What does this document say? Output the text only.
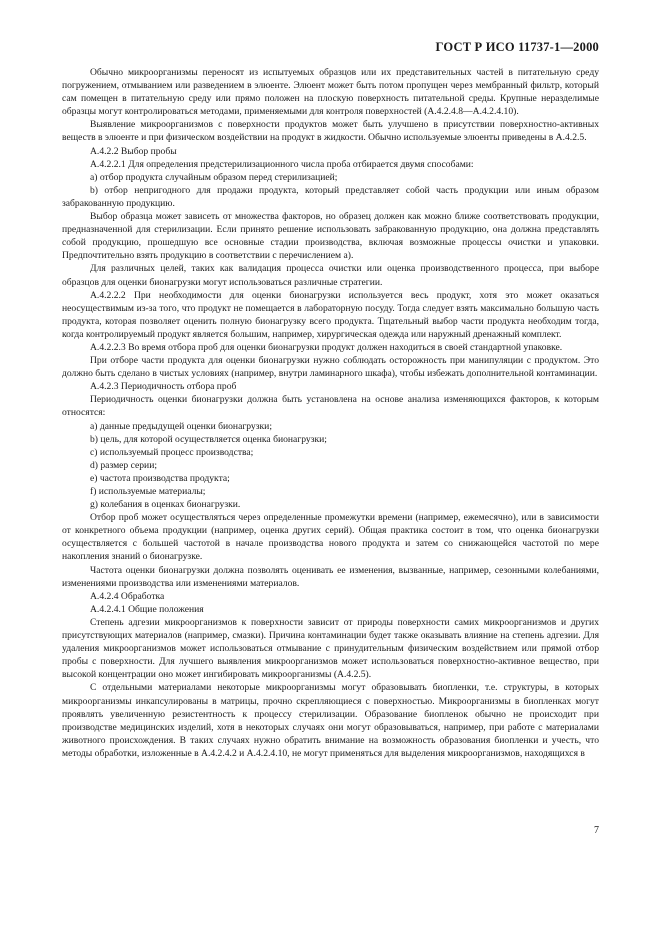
ГОСТ Р ИСО 11737-1—2000

Обычно микроорганизмы переносят из испытуемых образцов или их представительных частей в питательную среду погружением, отмыванием или разведением в элюенте. Элюент может быть потом пропущен через мембранный фильтр, который сам помещен в питательную среду или прямо положен на плоскую поверхность питательной среды. Крупные неразделимые образцы могут контролироваться методами, применяемыми для контроля поверхностей (А.4.2.4.8—А.4.2.4.10).

Выявление микроорганизмов с поверхности продуктов может быть улучшено в присутствии поверхностно-активных веществ в элюенте и при физическом воздействии на продукт в жидкости. Обычно используемые элюенты приведены в А.4.2.5.

А.4.2.2 Выбор пробы

А.4.2.2.1 Для определения предстерилизационного числа проба отбирается двумя способами:

а) отбор продукта случайным образом перед стерилизацией;

b) отбор непригодного для продажи продукта, который представляет собой часть продукции или иным образом забракованную продукцию.

Выбор образца может зависеть от множества факторов, но образец должен как можно ближе соответствовать продукции, предназначенной для стерилизации. Если принято решение использовать забракованную продукцию, она должна представлять собой продукцию, прошедшую все основные стадии производства, включая возможные процессы очистки и упаковки. Предпочтительно взять продукцию в соответствии с перечислением а).

Для различных целей, таких как валидация процесса очистки или оценка производственного процесса, при выборе образцов для оценки бионагрузки могут использоваться различные стратегии.

А.4.2.2.2 При необходимости для оценки бионагрузки используется весь продукт, хотя это может оказаться неосуществимым из-за того, что продукт не помещается в лабораторную посуду. Тогда следует взять максимально большую часть продукта, которая позволяет оценить полную бионагрузку всего продукта. Тщательный выбор части продукта необходим тогда, когда контролируемый продукт является большим, например, хирургическая одежда или наружный дренажный комплект.

А.4.2.2.3 Во время отбора проб для оценки бионагрузки продукт должен находиться в своей стандартной упаковке.

При отборе части продукта для оценки бионагрузки нужно соблюдать осторожность при манипуляции с продуктом. Это должно быть сделано в чистых условиях (например, внутри ламинарного шкафа), чтобы избежать дополнительной контаминации.

А.4.2.3 Периодичность отбора проб

Периодичность оценки бионагрузки должна быть установлена на основе анализа изменяющихся факторов, к которым относятся:

а) данные предыдущей оценки бионагрузки;

b) цель, для которой осуществляется оценка бионагрузки;

с) используемый процесс производства;

d) размер серии;

е) частота производства продукта;

f) используемые материалы;

g) колебания в оценках бионагрузки.

Отбор проб может осуществляться через определенные промежутки времени (например, ежемесячно), или в зависимости от конкретного объема продукции (например, оценка других серий). Общая практика состоит в том, что оценка бионагрузки осуществляется с большей частотой в начале производства нового продукта и затем со снижающейся частотой по мере накопления знаний о бионагрузке.

Частота оценки бионагрузки должна позволять оценивать ее изменения, вызванные, например, сезонными колебаниями, изменениями производства или изменениями материалов.

А.4.2.4 Обработка

А.4.2.4.1 Общие положения

Степень адгезии микроорганизмов к поверхности зависит от природы поверхности самих микроорганизмов и других присутствующих материалов (например, смазки). Причина контаминации будет также оказывать влияние на степень адгезии. Для удаления микроорганизмов может использоваться отмывание с принудительным физическим воздействием или прямой отбор пробы с поверхности. Для лучшего выявления микроорганизмов может использоваться поверхностно-активное вещество, при высокой концентрации оно может ингибировать микроорганизмы (А.4.2.5).

С отдельными материалами некоторые микроорганизмы могут образовывать биопленки, т.е. структуры, в которых микроорганизмы инкапсулированы в матрицы, прочно скрепляющиеся с поверхностью. Микроорганизмы в биопленках могут проявлять увеличенную резистентность к процессу стерилизации. Образование биопленок обычно не происходит при производстве медицинских изделий, хотя в некоторых случаях они могут образовываться, например, при работе с материалами животного происхождения. В таких случаях нужно обратить внимание на возможность образования биопленки и учесть, что методы обработки, изложенные в А.4.2.4.2 и А.4.2.4.10, не могут применяться для выделения микроорганизмов, находящихся в

7
